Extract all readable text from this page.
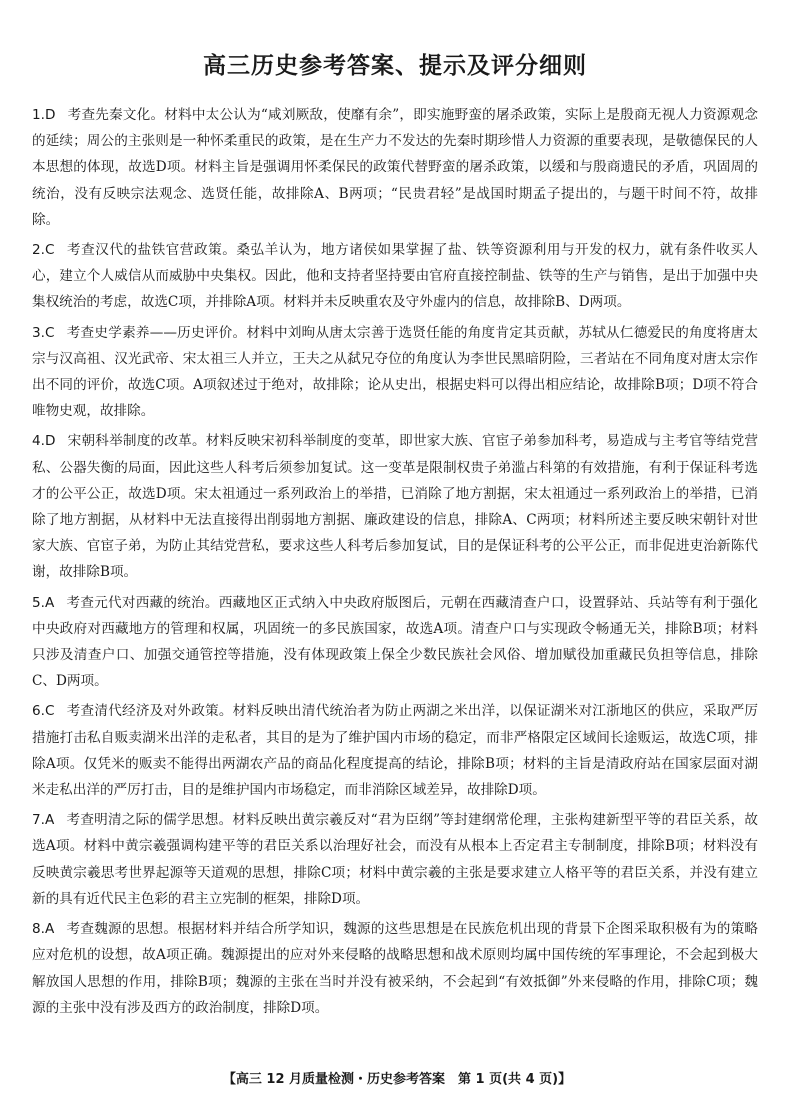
高三历史参考答案、提示及评分细则

1.D 考查先秦文化。材料中太公认为“咸刘厥敌，使靡有余”，即实施野蛮的屠杀政策，实际上是殷商无视人力资源观念的延续；周公的主张则是一种怀柔重民的政策，是在生产力不发达的先秦时期珍惜人力资源的重要表现，是敬德保民的人本思想的体现，故选D项。材料主旨是强调用怀柔保民的政策代替野蛮的屠杀政策，以缓和与殷商遗民的矛盾，巩固周的统治，没有反映宗法观念、选贤任能，故排除A、B两项；“民贵君轻”是战国时期孟子提出的，与题干时间不符，故排除。

2.C 考查汉代的盐铁官营政策。桑弘羊认为，地方诸侯如果掌握了盐、铁等资源利用与开发的权力，就有条件收买人心，建立个人威信从而威胁中央集权。因此，他和支持者坚持要由官府直接控制盐、铁等的生产与销售，是出于加强中央集权统治的考虑，故选C项，并排除A项。材料并未反映重农及守外虚内的信息，故排除B、D两项。

3.C 考查史学素养——历史评价。材料中刘昫从唐太宗善于选贤任能的角度肯定其贡献，苏轼从仁德爱民的角度将唐太宗与汉高祖、汉光武帝、宋太祖三人并立，王夫之从弑兄夺位的角度认为李世民黑暗阴险，三者站在不同角度对唐太宗作出不同的评价，故选C项。A项叙述过于绝对，故排除；论从史出，根据史料可以得出相应结论，故排除B项；D项不符合唯物史观，故排除。

4.D 宋朝科举制度的改革。材料反映宋初科举制度的变革，即世家大族、官宦子弟参加科考，易造成与主考官等结党营私、公器失衡的局面，因此这些人科考后须参加复试。这一变革是限制权贵子弟滥占科第的有效措施，有利于保证科考选才的公平公正，故选D项。宋太祖通过一系列政治上的举措，已消除了地方割据，宋太祖通过一系列政治上的举措，已消除了地方割据，从材料中无法直接得出削弱地方割据、廉政建设的信息，排除A、C两项；材料所述主要反映宋朝针对世家大族、官宦子弟，为防止其结党营私，要求这些人科考后参加复试，目的是保证科考的公平公正，而非促进吏治新陈代谢，故排除B项。

5.A 考查元代对西藏的统治。西藏地区正式纳入中央政府版图后，元朝在西藏清查户口，设置驿站、兵站等有利于强化中央政府对西藏地方的管理和权属，巩固统一的多民族国家，故选A项。清查户口与实现政令畅通无关，排除B项；材料只涉及清查户口、加强交通管控等措施，没有体现政策上保全少数民族社会风俗、增加赋役加重藏民负担等信息，排除C、D两项。

6.C 考查清代经济及对外政策。材料反映出清代统治者为防止两湖之米出洋，以保证湖米对江浙地区的供应，采取严厉措施打击私自贩卖湖米出洋的走私者，其目的是为了维护国内市场的稳定，而非严格限定区域间长途贩运，故选C项，排除A项。仅凭米的贩卖不能得出两湖农产品的商品化程度提高的结论，排除B项；材料的主旨是清政府站在国家层面对湖米走私出洋的严厉打击，目的是维护国内市场稳定，而非消除区域差异，故排除D项。

7.A 考查明清之际的儒学思想。材料反映出黄宗羲反对“君为臣纲”等封建纲常伦理，主张构建新型平等的君臣关系，故选A项。材料中黄宗羲强调构建平等的君臣关系以治理好社会，而没有从根本上否定君主专制制度，排除B项；材料没有反映黄宗羲思考世界起源等天道观的思想，排除C项；材料中黄宗羲的主张是要求建立人格平等的君臣关系，并没有建立新的具有近代民主色彩的君主立宪制的框架，排除D项。

8.A 考查魏源的思想。根据材料并结合所学知识，魏源的这些思想是在民族危机出现的背景下企图采取积极有为的策略应对危机的设想，故A项正确。魏源提出的应对外来侵略的战略思想和战术原则均属中国传统的军事理论，不会起到极大解放国人思想的作用，排除B项；魏源的主张在当时并没有被采纳，不会起到“有效抵御”外来侵略的作用，排除C项；魏源的主张中没有涉及西方的政治制度，排除D项。

【高三 12 月质量检测・历史参考答案　第 1 页(共 4 页)】
